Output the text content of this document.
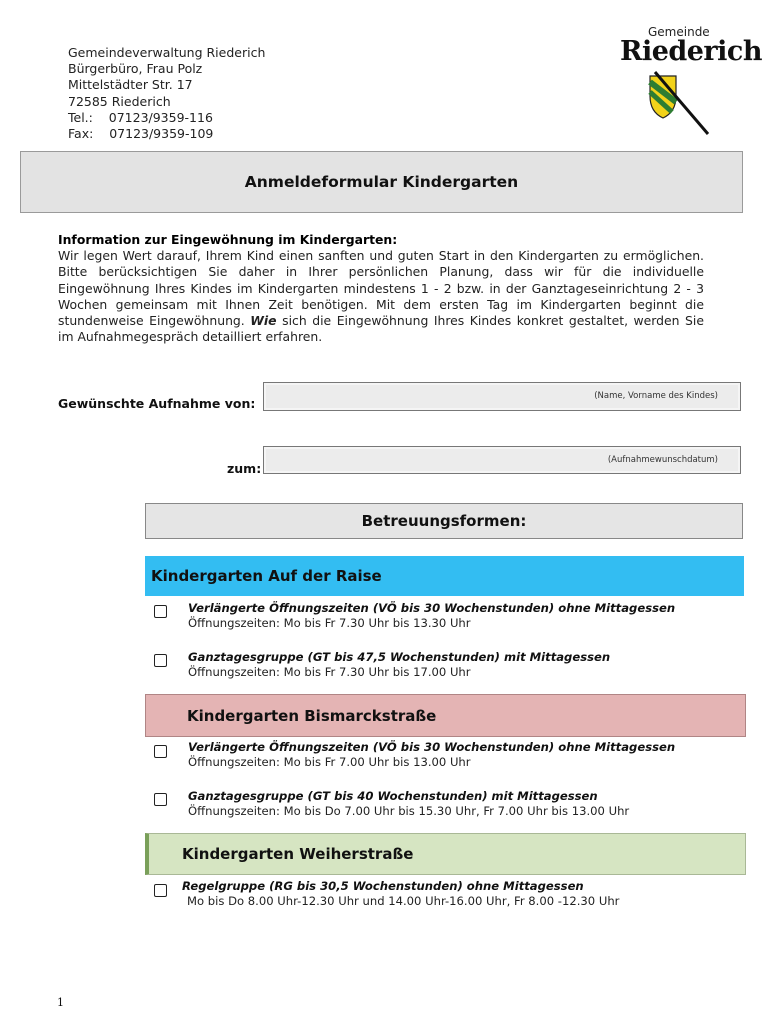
Gemeindeverwaltung Riederich
Bürgerbüro, Frau Polz
Mittelstädter Str. 17
72585 Riederich
Tel.:    07123/9359-116
Fax:    07123/9359-109
Gemeinde
Riederich
Anmeldeformular Kindergarten
Information zur Eingewöhnung im Kindergarten:
Wir legen Wert darauf, Ihrem Kind einen sanften und guten Start in den Kindergarten zu ermöglichen. Bitte berücksichtigen Sie daher in Ihrer persönlichen Planung, dass wir für die individuelle Eingewöhnung Ihres Kindes im Kindergarten mindestens 1 - 2 bzw. in der Ganztageseinrichtung 2 - 3 Wochen gemeinsam mit Ihnen Zeit benötigen. Mit dem ersten Tag im Kindergarten beginnt die stundenweise Eingewöhnung. Wie sich die Eingewöhnung Ihres Kindes konkret gestaltet, werden Sie im Aufnahmegespräch detailliert erfahren.
Gewünschte Aufnahme von:	(Name, Vorname des Kindes)
zum:
(Aufnahmewunschdatum)
Betreuungsformen:
Kindergarten Auf der Raise
Verlängerte Öffnungszeiten (VÖ bis 30 Wochenstunden) ohne Mittagessen
Öffnungszeiten: Mo bis Fr 7.30 Uhr bis 13.30 Uhr
Ganztagesgruppe (GT bis 47,5 Wochenstunden) mit Mittagessen
Öffnungszeiten: Mo bis Fr 7.30 Uhr bis 17.00 Uhr
Kindergarten Bismarckstraße
Verlängerte Öffnungszeiten (VÖ bis 30 Wochenstunden) ohne Mittagessen
Öffnungszeiten: Mo bis Fr 7.00 Uhr bis 13.00 Uhr
Ganztagesgruppe (GT bis 40 Wochenstunden) mit Mittagessen
Öffnungszeiten: Mo bis Do 7.00 Uhr bis 15.30 Uhr, Fr 7.00 Uhr bis 13.00 Uhr
Kindergarten Weiherstraße
Regelgruppe (RG bis 30,5 Wochenstunden) ohne Mittagessen
Mo bis Do 8.00 Uhr-12.30 Uhr und 14.00 Uhr-16.00 Uhr, Fr 8.00 -12.30 Uhr
1
